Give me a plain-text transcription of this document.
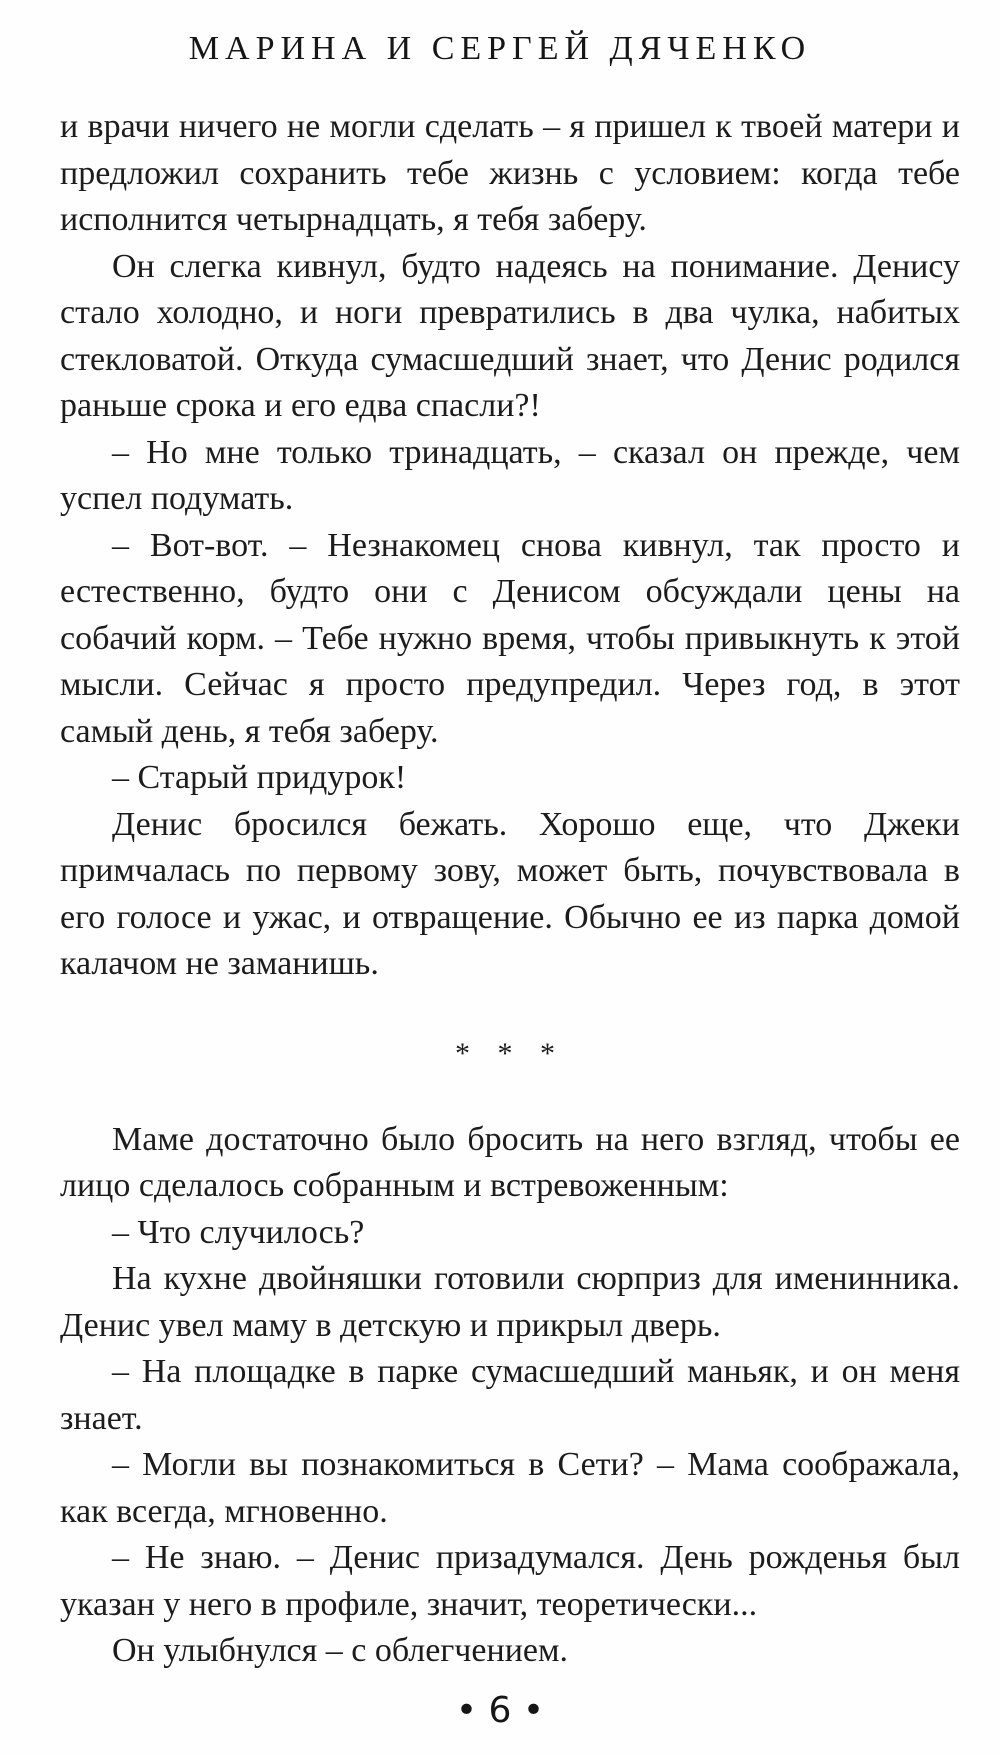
МАРИНА И СЕРГЕЙ ДЯЧЕНКО

и врачи ничего не могли сделать – я пришел к твоей матери и предложил сохранить тебе жизнь с условием: когда тебе исполнится четырнадцать, я тебя заберу.

Он слегка кивнул, будто надеясь на понимание. Денису стало холодно, и ноги превратились в два чулка, набитых стекловатой. Откуда сумасшедший знает, что Денис родился раньше срока и его едва спасли?!

– Но мне только тринадцать, – сказал он прежде, чем успел подумать.

– Вот-вот. – Незнакомец снова кивнул, так просто и естественно, будто они с Денисом обсуждали цены на собачий корм. – Тебе нужно время, чтобы привыкнуть к этой мысли. Сейчас я просто предупредил. Через год, в этот самый день, я тебя заберу.

– Старый придурок!

Денис бросился бежать. Хорошо еще, что Джеки примчалась по первому зову, может быть, почувствовала в его голосе и ужас, и отвращение. Обычно ее из парка домой калачом не заманишь.

* * *

Маме достаточно было бросить на него взгляд, чтобы ее лицо сделалось собранным и встревоженным:

– Что случилось?

На кухне двойняшки готовили сюрприз для именинника. Денис увел маму в детскую и прикрыл дверь.

– На площадке в парке сумасшедший маньяк, и он меня знает.

– Могли вы познакомиться в Сети? – Мама соображала, как всегда, мгновенно.

– Не знаю. – Денис призадумался. День рожденья был указан у него в профиле, значит, теоретически...

Он улыбнулся – с облегчением.

• 6 •
